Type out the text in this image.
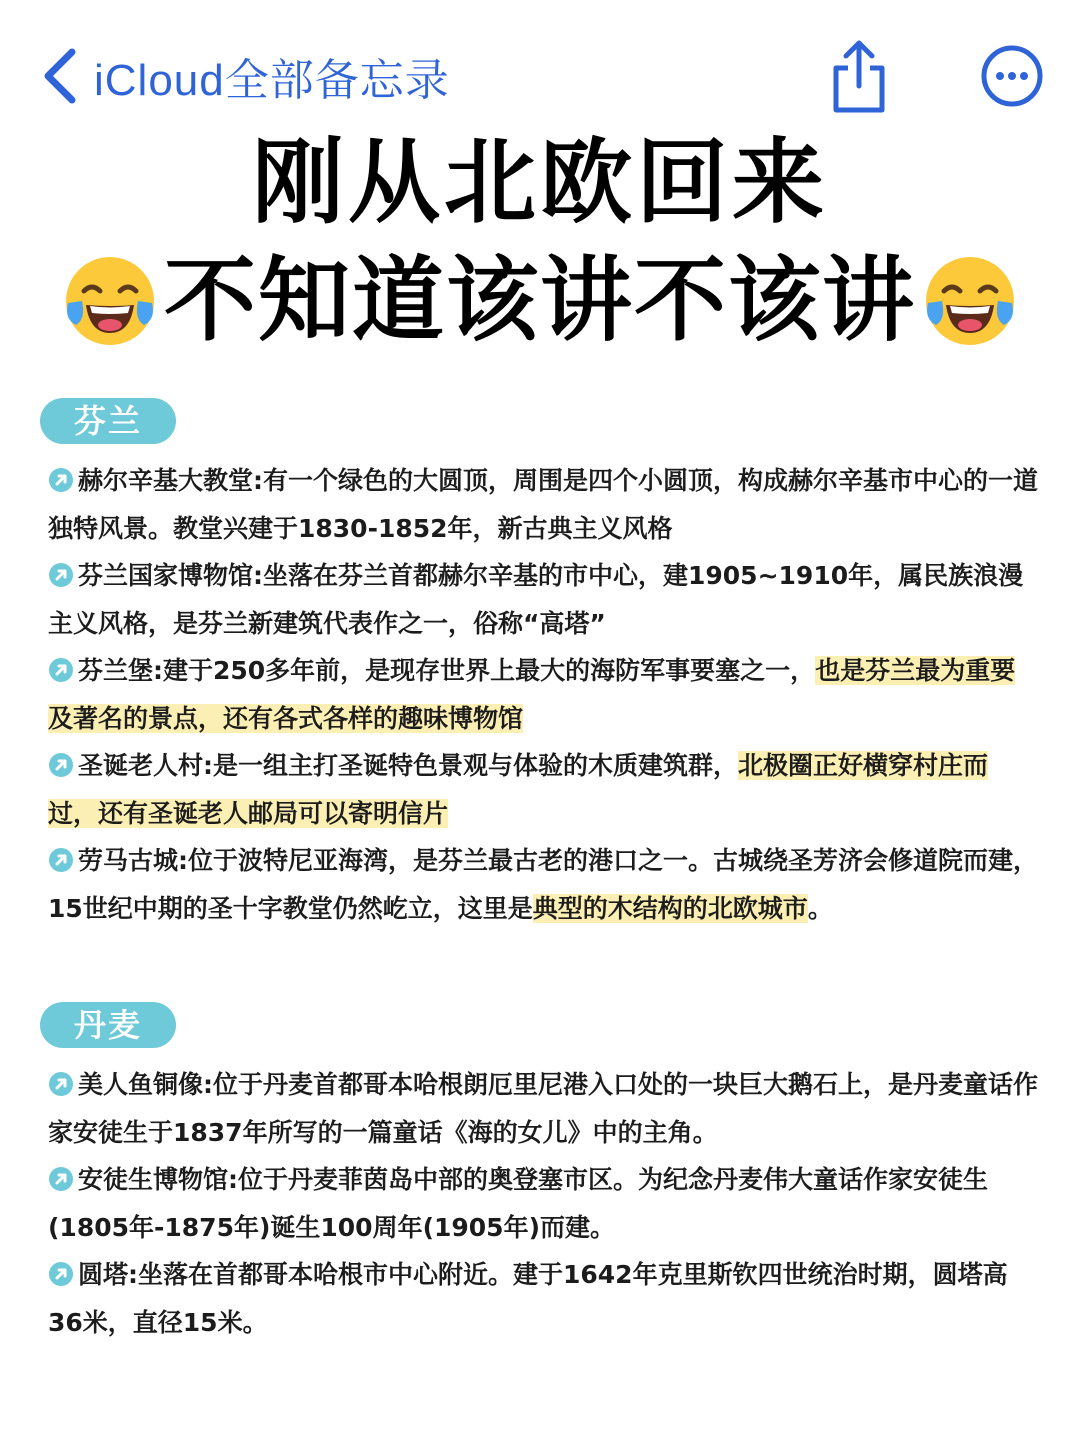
iCloud全部备忘录
刚从北欧回来
不知道该讲不该讲
芬兰
赫尔辛基大教堂:有一个绿色的大圆顶，周围是四个小圆顶，构成赫尔辛基市中心的一道独特风景。教堂兴建于1830-1852年，新古典主义风格
芬兰国家博物馆:坐落在芬兰首都赫尔辛基的市中心，建1905~1910年，属民族浪漫主义风格，是芬兰新建筑代表作之一，俗称“高塔”
芬兰堡:建于250多年前，是现存世界上最大的海防军事要塞之一，也是芬兰最为重要及著名的景点，还有各式各样的趣味博物馆
圣诞老人村:是一组主打圣诞特色景观与体验的木质建筑群，北极圈正好横穿村庄而过，还有圣诞老人邮局可以寄明信片
劳马古城:位于波特尼亚海湾，是芬兰最古老的港口之一。古城绕圣芳济会修道院而建，15世纪中期的圣十字教堂仍然屹立，这里是典型的木结构的北欧城市。
丹麦
美人鱼铜像:位于丹麦首都哥本哈根朗厄里尼港入口处的一块巨大鹅石上，是丹麦童话作家安徒生于1837年所写的一篇童话《海的女儿》中的主角。
安徒生博物馆:位于丹麦菲茵岛中部的奥登塞市区。为纪念丹麦伟大童话作家安徒生(1805年-1875年)诞生100周年(1905年)而建。
圆塔:坐落在首都哥本哈根市中心附近。建于1642年克里斯钦四世统治时期，圆塔高36米，直径15米。
